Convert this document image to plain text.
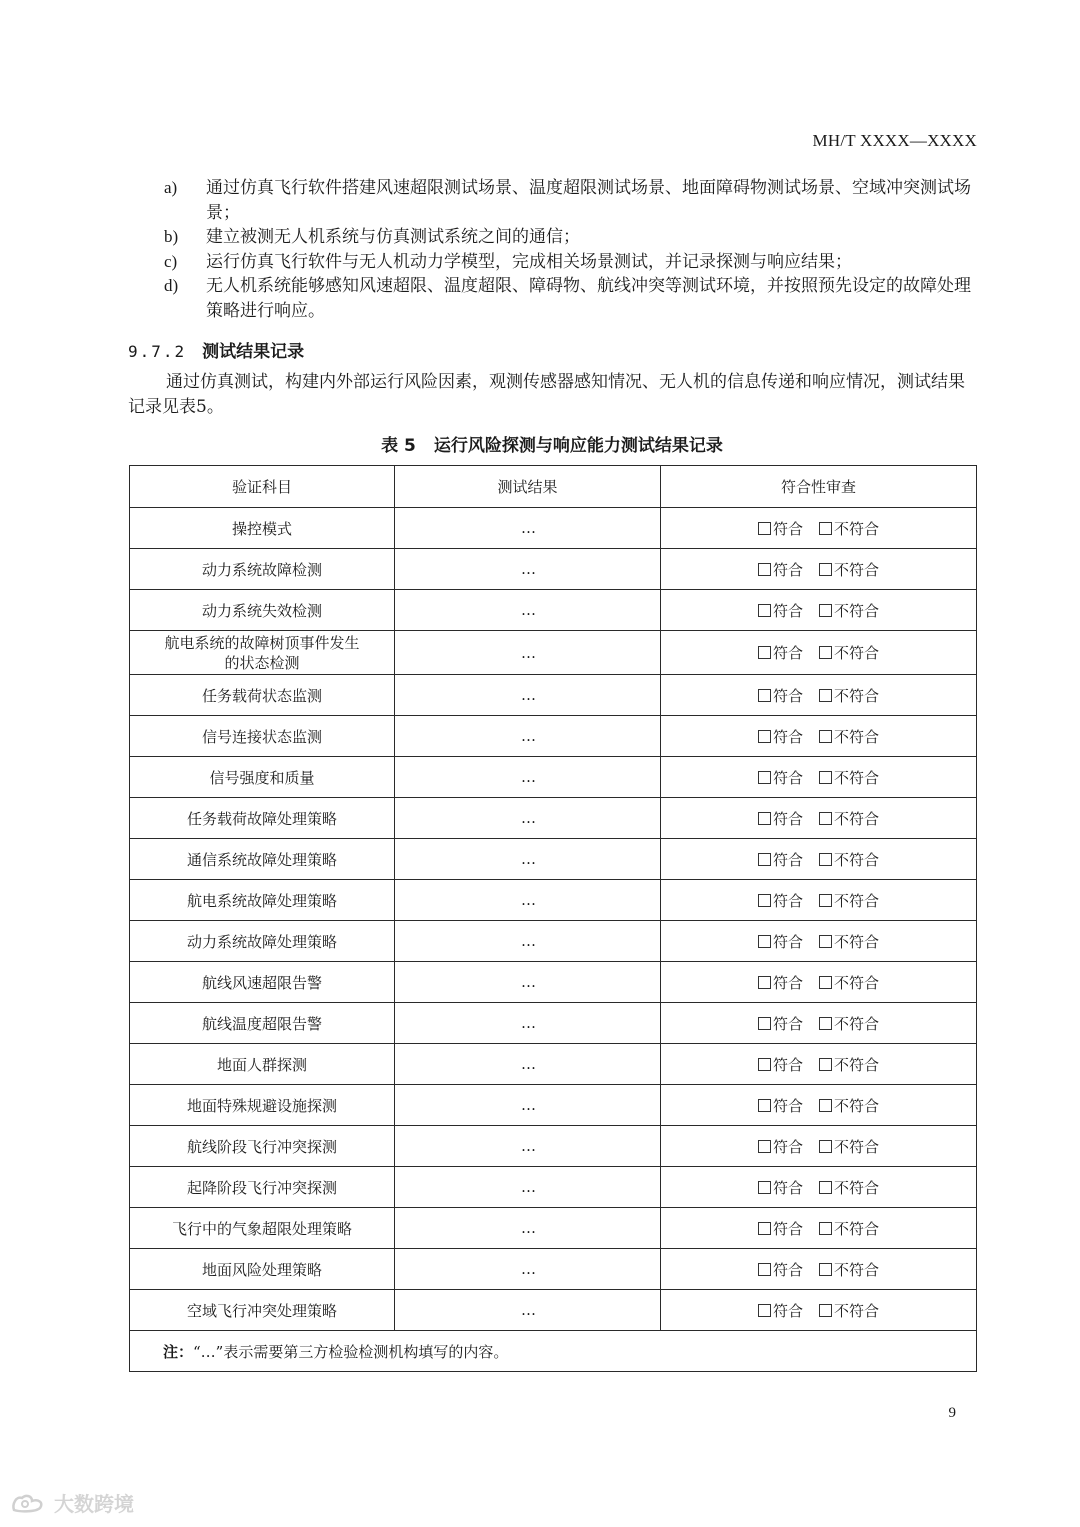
MH/T XXXX—XXXX
a)	通过仿真飞行软件搭建风速超限测试场景、温度超限测试场景、地面障碍物测试场景、空域冲突测试场景；
b)	建立被测无人机系统与仿真测试系统之间的通信；
c)	运行仿真飞行软件与无人机动力学模型，完成相关场景测试，并记录探测与响应结果；
d)	无人机系统能够感知风速超限、温度超限、障碍物、航线冲突等测试环境，并按照预先设定的故障处理策略进行响应。
9.7.2 测试结果记录
通过仿真测试，构建内外部运行风险因素，观测传感器感知情况、无人机的信息传递和响应情况，测试结果记录见表5。
表 5 运行风险探测与响应能力测试结果记录
验证科目	测试结果	符合性审查
操控模式	…	符合 不符合
动力系统故障检测	…	符合 不符合
动力系统失效检测	…	符合 不符合

航电系统的故障树顶事件发生
的状态检测	…	符合 不符合
任务载荷状态监测	…	符合 不符合
信号连接状态监测	…	符合 不符合
信号强度和质量	…	符合 不符合
任务载荷故障处理策略	…	符合 不符合
通信系统故障处理策略	…	符合 不符合
航电系统故障处理策略	…	符合 不符合
动力系统故障处理策略	…	符合 不符合
航线风速超限告警	…	符合 不符合
航线温度超限告警	…	符合 不符合
地面人群探测	…	符合 不符合
地面特殊规避设施探测	…	符合 不符合
航线阶段飞行冲突探测	…	符合 不符合
起降阶段飞行冲突探测	…	符合 不符合
飞行中的气象超限处理策略	…	符合 不符合
地面风险处理策略	…	符合 不符合
空域飞行冲突处理策略	…	符合 不符合
注：“…”表示需要第三方检验检测机构填写的内容。		
9
大数跨境
